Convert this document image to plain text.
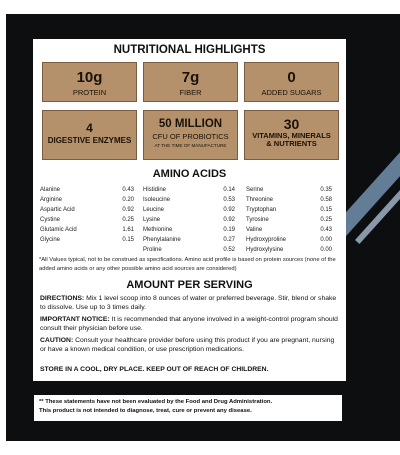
NUTRITIONAL HIGHLIGHTS
10g
PROTEIN
7g
FIBER
0
ADDED SUGARS
4
DIGESTIVE ENZYMES
50 MILLION
CFU OF PROBIOTICS
AT THE TIME OF MANUFACTURE
30
VITAMINS, MINERALS
& NUTRIENTS
AMINO ACIDS
Alanine	0.43
Arginine	0.20
Aspartic Acid	0.92
Cystine	0.25
Glutamic Acid	1.61
Glycine	0.15
Histidine	0.14
Isoleucine	0.53
Leucine	0.92
Lysine	0.92
Methionine	0.19
Phenylalanine	0.27
Proline	0.52
Serine	0.35
Threonine	0.58
Tryptophan	0.15
Tyrosine	0.25
Valine	0.43
Hydroxyproline	0.00
Hydroxylysine	0.00
*All Values typical, not to be construed as specifications. Amino acid profile is based on protein sources (none of the added amino acids or any other possible amino acid sources are considered)
AMOUNT PER SERVING
DIRECTIONS: Mix 1 level scoop into 8 ounces of water or preferred beverage. Stir, blend or shake to dissolve. Use up to 3 times daily.
IMPORTANT NOTICE: It is recommended that anyone involved in a weight-control program should consult their physician before use.
CAUTION: Consult your healthcare provider before using this product if you are pregnant, nursing or have a known medical condition, or use prescription medications.
STORE IN A COOL, DRY PLACE. KEEP OUT OF REACH OF CHILDREN.
** These statements have not been evaluated by the Food and Drug Administration.
This product is not intended to diagnose, treat, cure or prevent any disease.
